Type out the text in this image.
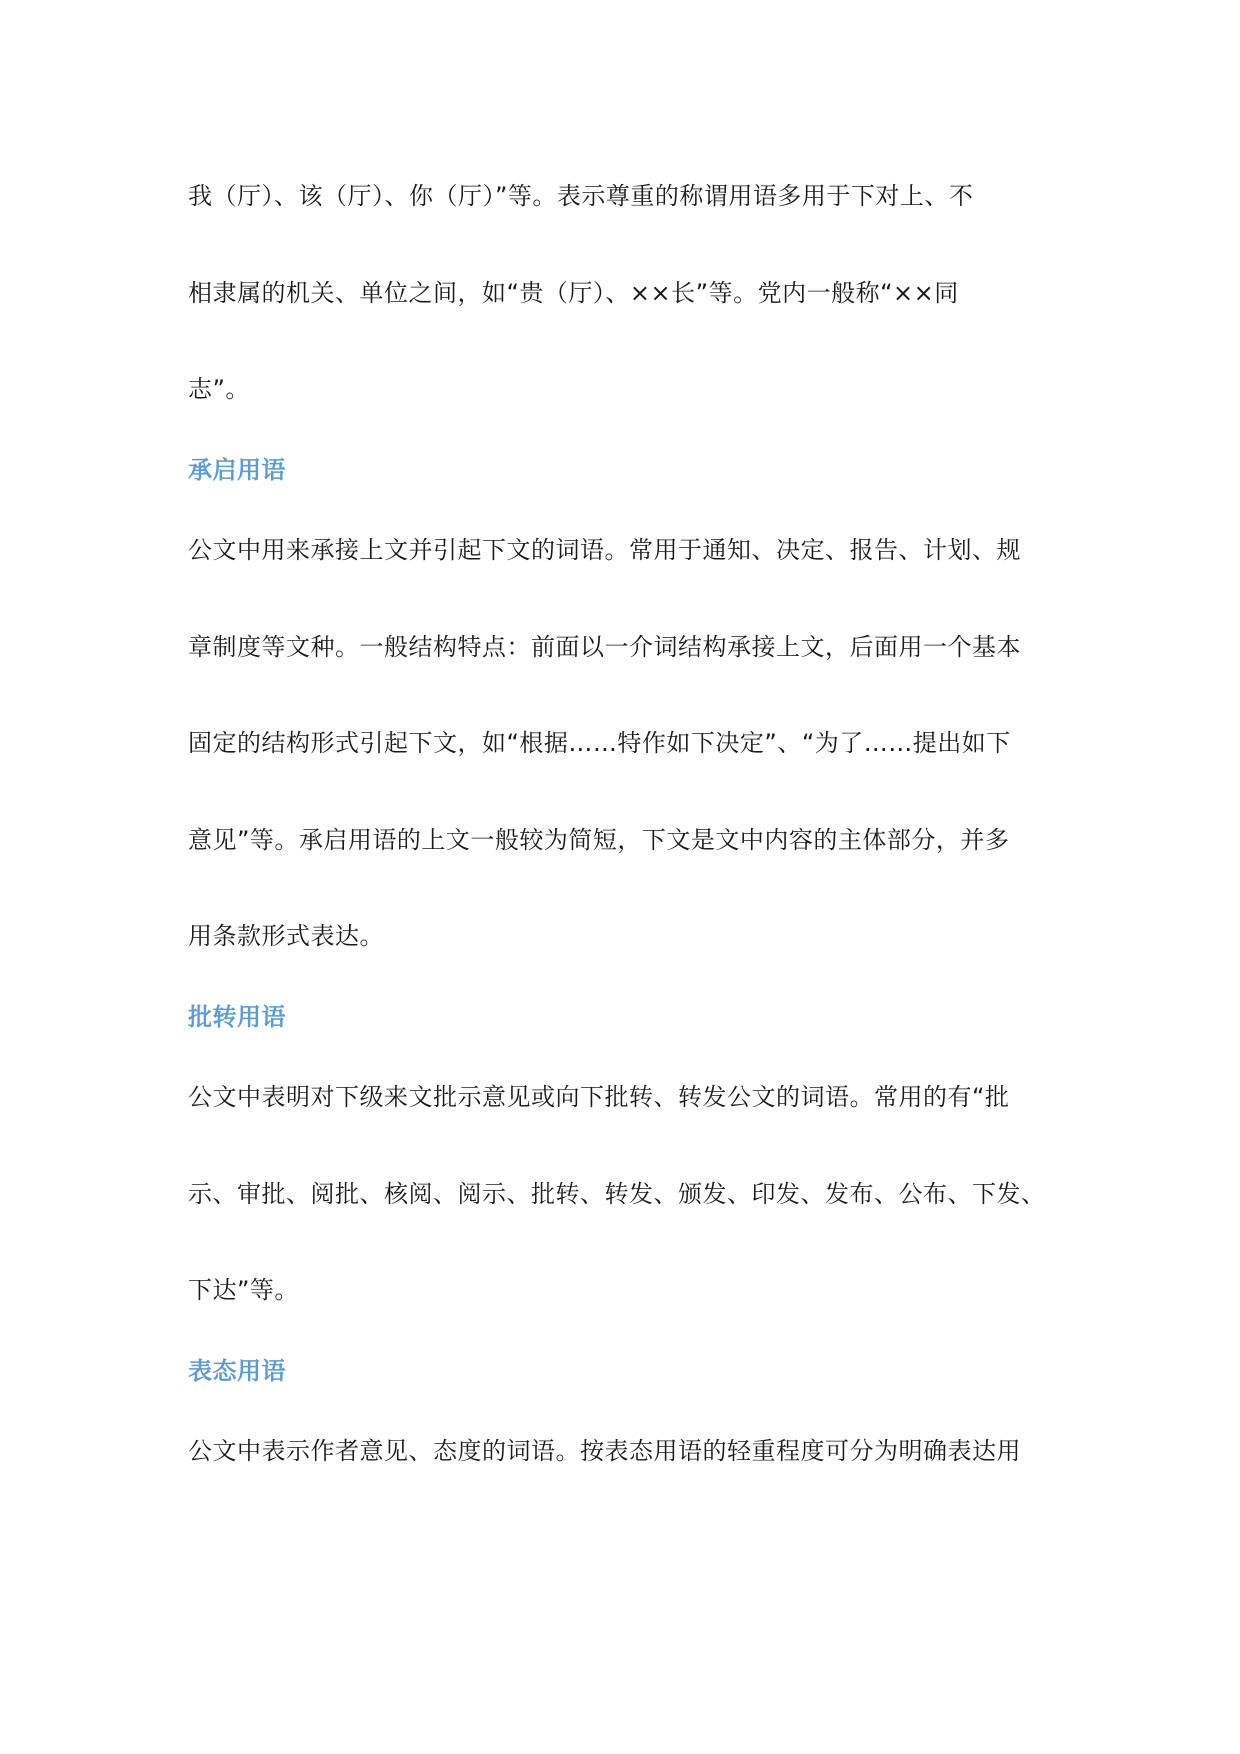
我（厅）、该（厅）、你（厅）”等。表示尊重的称谓用语多用于下对上、不
相隶属的机关、单位之间，如“贵（厅）、××长”等。党内一般称“××同
志”。
承启用语
公文中用来承接上文并引起下文的词语。常用于通知、决定、报告、计划、规
章制度等文种。一般结构特点：前面以一介词结构承接上文，后面用一个基本
固定的结构形式引起下文，如“根据……特作如下决定”、“为了……提出如下
意见”等。承启用语的上文一般较为简短，下文是文中内容的主体部分，并多
用条款形式表达。
批转用语
公文中表明对下级来文批示意见或向下批转、转发公文的词语。常用的有“批
示、审批、阅批、核阅、阅示、批转、转发、颁发、印发、发布、公布、下发、
下达”等。
表态用语
公文中表示作者意见、态度的词语。按表态用语的轻重程度可分为明确表达用
